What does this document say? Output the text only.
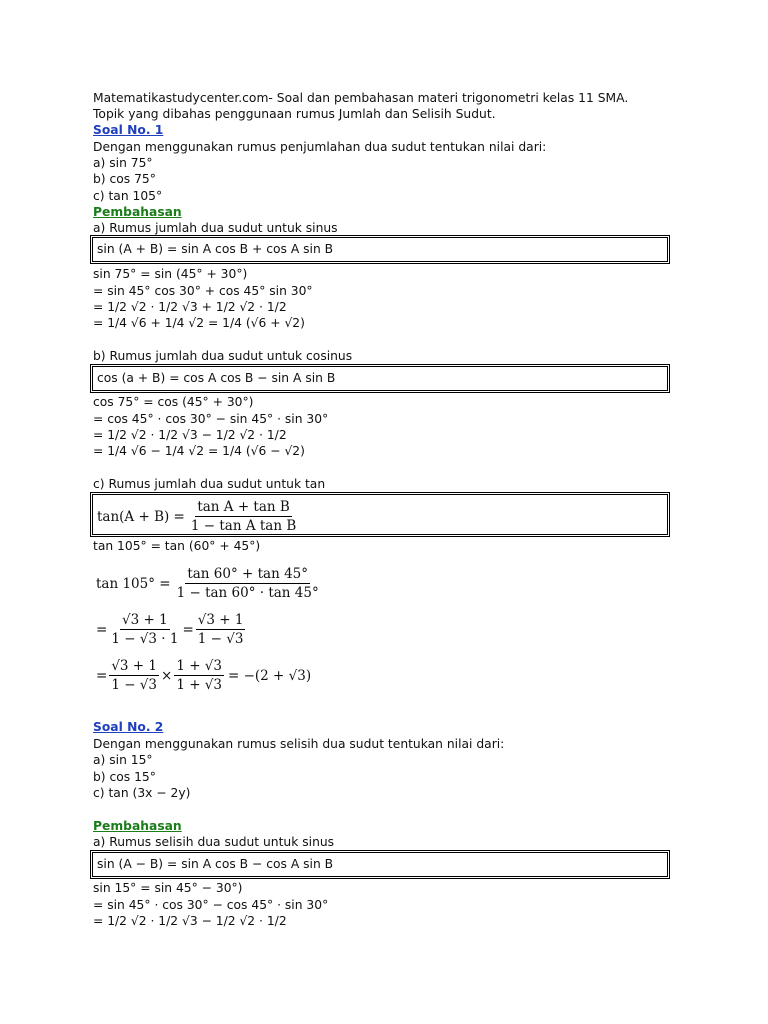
Matematikastudycenter.com- Soal dan pembahasan materi trigonometri kelas 11 SMA.
Topik yang dibahas penggunaan rumus Jumlah dan Selisih Sudut.
Soal No. 1
Dengan menggunakan rumus penjumlahan dua sudut tentukan nilai dari:
a) sin 75°
b) cos 75°
c) tan 105°
Pembahasan
a) Rumus jumlah dua sudut untuk sinus
sin (A + B) = sin A cos B + cos A sin B
sin 75° = sin (45° + 30°)
= sin 45° cos 30° + cos 45° sin 30°
= 1/2 √2 · 1/2 √3 + 1/2 √2 · 1/2
= 1/4 √6 + 1/4 √2 = 1/4 (√6 + √2)
b) Rumus jumlah dua sudut untuk cosinus
cos (a + B) = cos A cos B − sin A sin B
cos 75° = cos (45° + 30°)
= cos 45° · cos 30° − sin 45° · sin 30°
= 1/2 √2 · 1/2 √3 − 1/2 √2 · 1/2
= 1/4 √6 − 1/4 √2 = 1/4 (√6 − √2)
c) Rumus jumlah dua sudut untuk tan
$\tan(A + B) = \frac{\text{tan A + tan B}}{\text{1 − tan A tan B}}$
tan 105° = tan (60° + 45°)
$\tan 105^\circ = \frac{\tan 60^\circ + \tan 45^\circ}{1 - \tan 60^\circ \cdot \tan 45^\circ}$
= $\frac{√3 + 1}{1 - √3 \cdot 1} = \frac{√3 + 1}{1 - √3}$
= $\frac{√3 + 1}{1 - √3} \times \frac{1 + √3}{1 + √3} = -(2 + √3)$
Soal No. 2
Dengan menggunakan rumus selisih dua sudut tentukan nilai dari:
a) sin 15°
b) cos 15°
c) tan (3x − 2y)
Pembahasan
a) Rumus selisih dua sudut untuk sinus
sin (A − B) = sin A cos B − cos A sin B
sin 15° = sin 45° − 30°)
= sin 45° · cos 30° − cos 45° · sin 30°
= 1/2 √2 · 1/2 √3 − 1/2 √2 · 1/2
